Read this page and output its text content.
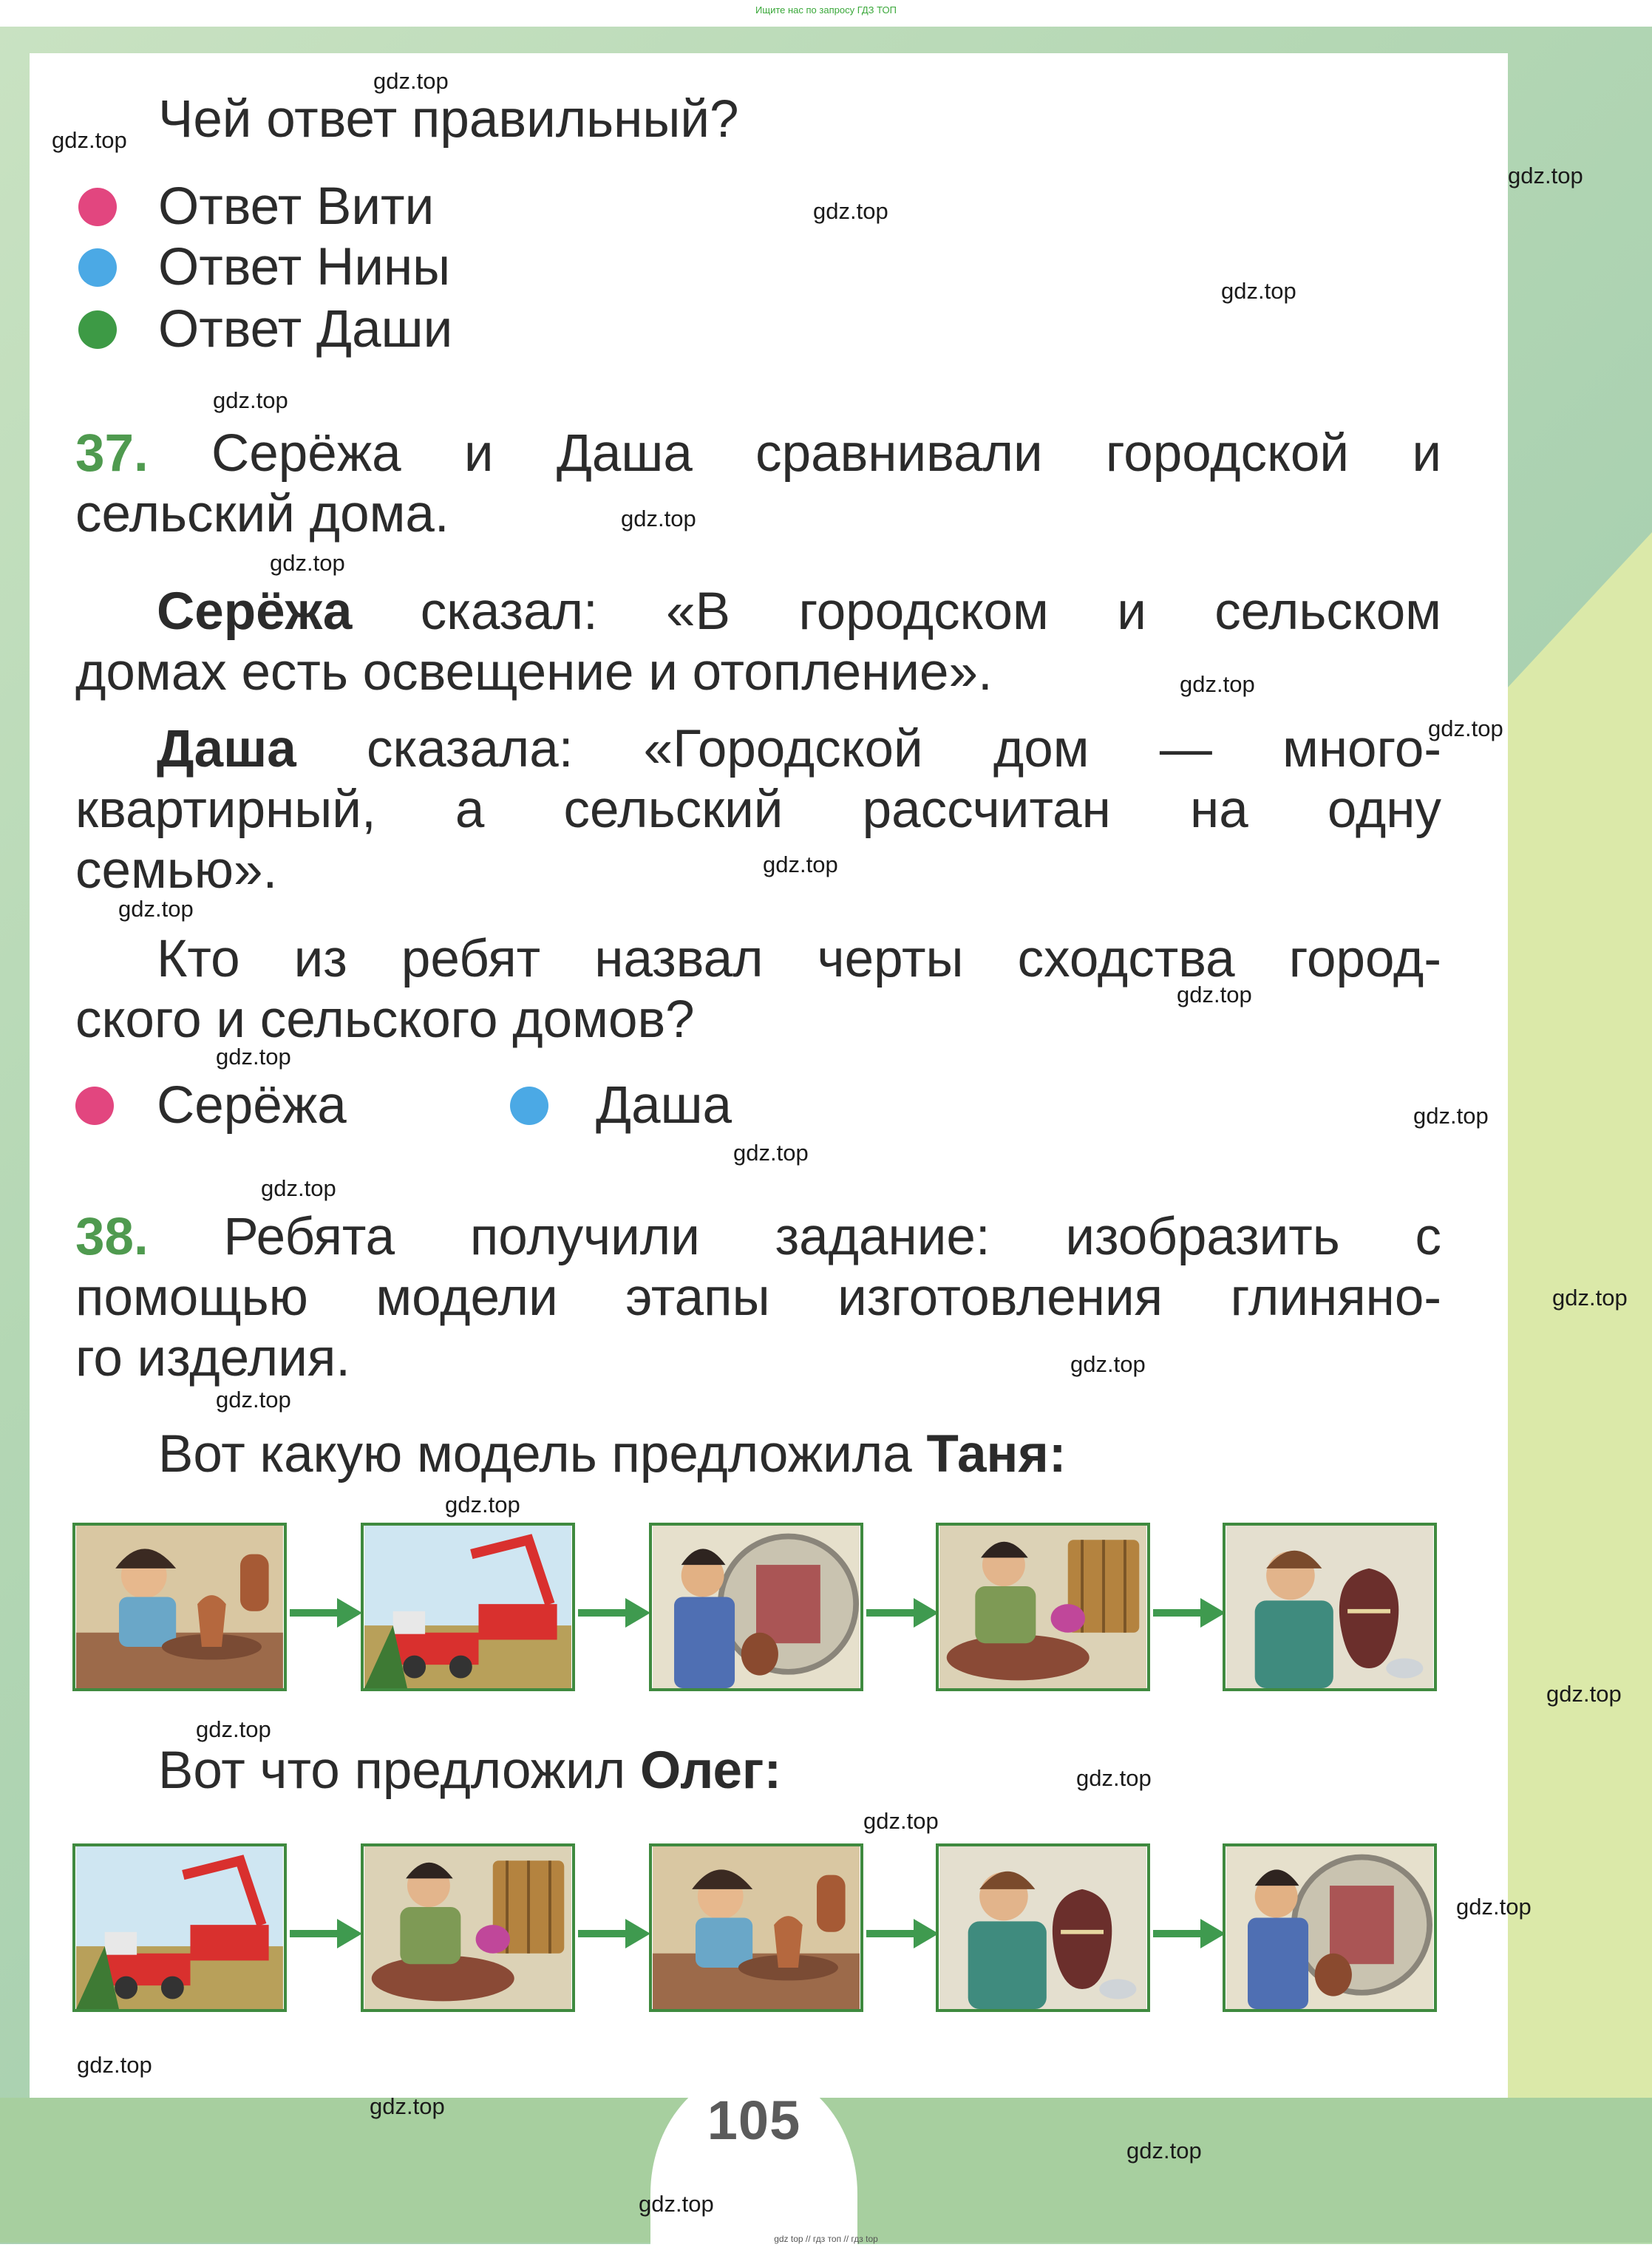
105
Ищите нас по запросу ГДЗ ТОП
gdz top // гдз топ // гдз top
Чей ответ правильный?
Ответ Вити
Ответ Нины
Ответ Даши
37. Серёжа и Даша сравнивали городской и
сельский дома.
Серёжа сказал: «В городском и сельском
домах есть освещение и отопление».
Даша сказала: «Городской дом — много-
квартирный, а сельский рассчитан на одну
семью».
Кто из ребят назвал черты сходства город-
ского и сельского домов?
Серёжа	Даша
38. Ребята получили задание: изобразить с
помощью модели этапы изготовления глиняно-
го изделия.
Вот какую модель предложила Таня:
Вот что предложил Олег:
gdz.top
gdz.top
gdz.top
gdz.top
gdz.top
gdz.top
gdz.top
gdz.top
gdz.top
gdz.top
gdz.top
gdz.top
gdz.top
gdz.top
gdz.top
gdz.top
gdz.top
gdz.top
gdz.top
gdz.top
gdz.top
gdz.top
gdz.top
gdz.top
gdz.top
gdz.top
gdz.top
gdz.top
gdz.top
gdz.top
